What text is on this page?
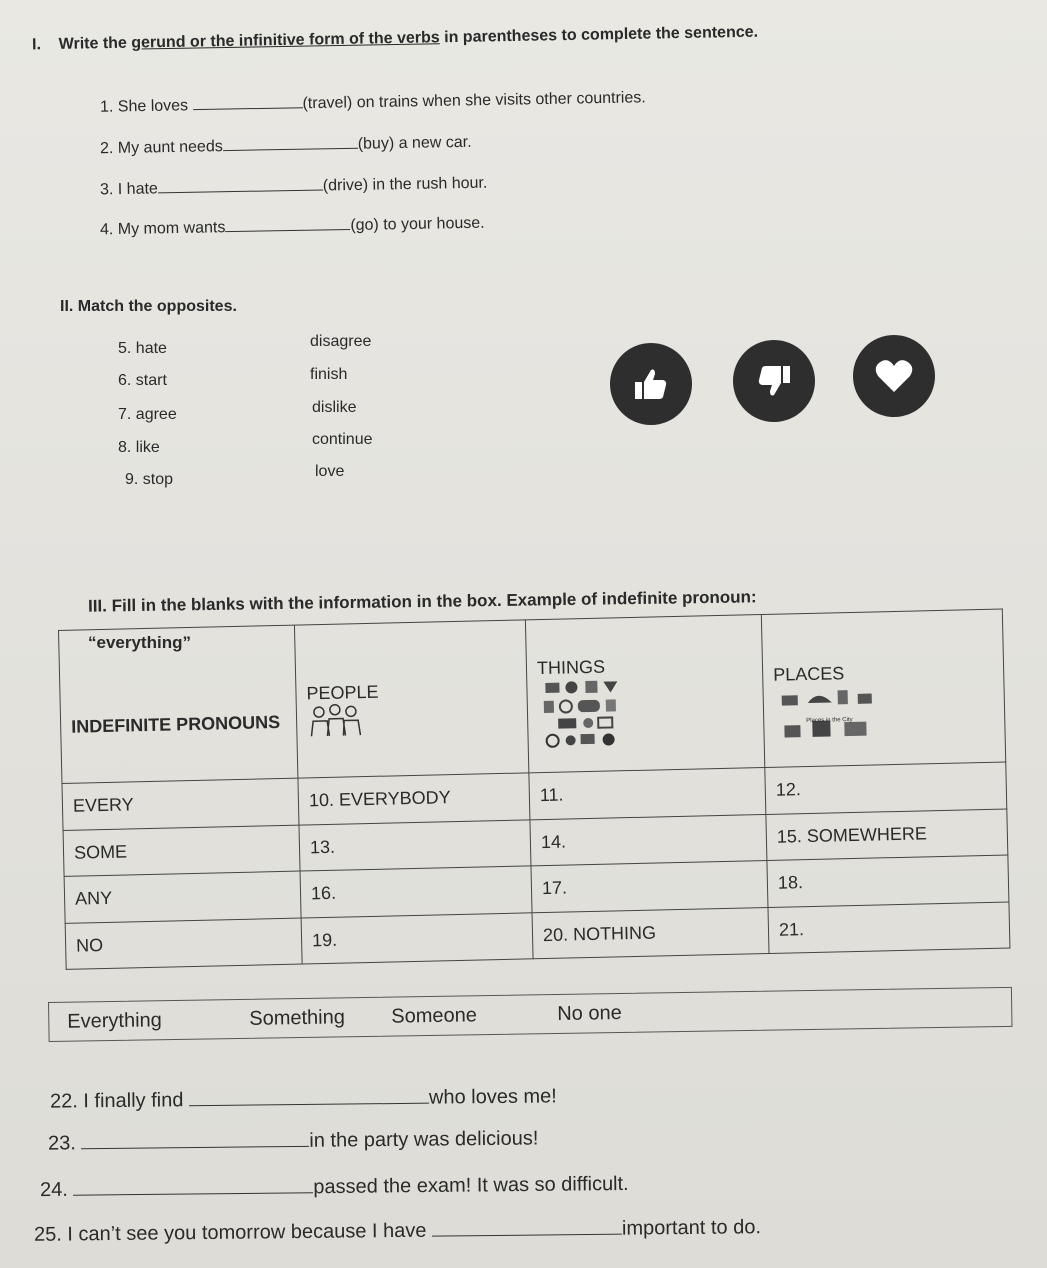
I. Write the gerund or the infinitive form of the verbs in parentheses to complete the sentence.
1. She loves	(travel) on trains when she visits other countries.
2. My aunt needs	(buy) a new car.
3. I hate	(drive) in the rush hour.
4. My mom wants	(go) to your house.
II. Match the opposites.
5. hate
6. start
7. agree
8. like
9. stop
disagree
finish
dislike
continue
love
III. Fill in the blanks with the information in the box. Example of indefinite pronoun:
“everything”
INDEFINITE PRONOUNS	PEOPLE	THINGS	PLACES
Places in the City

EVERY	10. EVERYBODY	11.	12.
SOME	13.	14.	15. SOMEWHERE
ANY	16.	17.	18.
NO	19.	20. NOTHING	21.
Everything	Something Someone	No one
22. I finally find	who loves me!
23.	in the party was delicious!
24.	passed the exam! It was so difficult.
25. I can’t see you tomorrow because I have	important to do.
